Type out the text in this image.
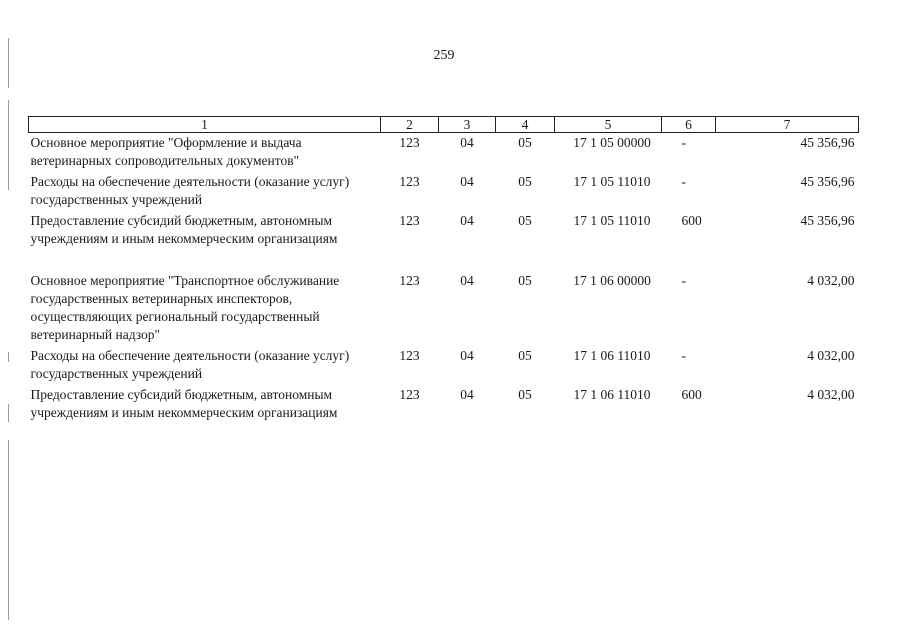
259
1	2	3	4	5	6	7
Основное мероприятие "Оформление и выдача ветеринарных сопроводительных документов"	123	04	05	17 1 05 00000	-	45 356,96
Расходы на обеспечение деятельности (оказание услуг) государственных учреждений	123	04	05	17 1 05 11010	-	45 356,96
Предоставление субсидий бюджетным, автономным учреждениям и иным некоммерческим организациям	123	04	05	17 1 05 11010	600	45 356,96

Основное мероприятие "Транспортное обслуживание государственных ветеринарных инспекторов, осуществляющих региональный государственный ветеринарный надзор"	123	04	05	17 1 06 00000	-	4 032,00
Расходы на обеспечение деятельности (оказание услуг) государственных учреждений	123	04	05	17 1 06 11010	-	4 032,00
Предоставление субсидий бюджетным, автономным учреждениям и иным некоммерческим организациям	123	04	05	17 1 06 11010	600	4 032,00
